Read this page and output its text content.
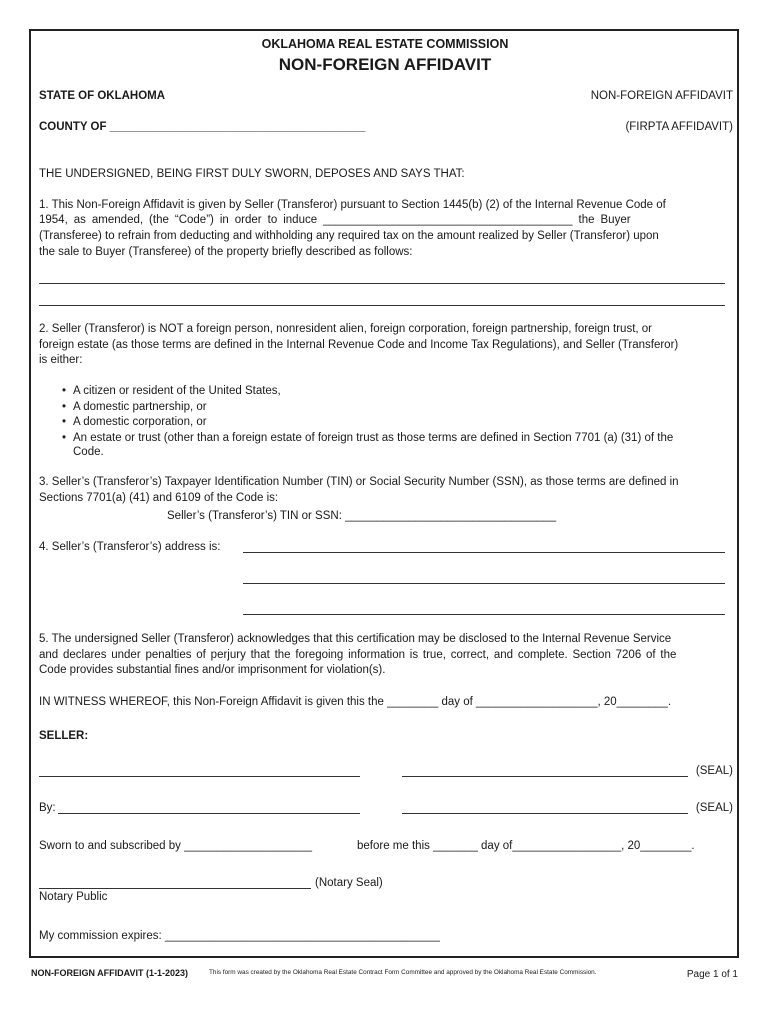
OKLAHOMA REAL ESTATE COMMISSION
NON-FOREIGN AFFIDAVIT
STATE OF OKLAHOMA	NON-FOREIGN AFFIDAVIT
COUNTY OF ________________________________________	(FIRPTA AFFIDAVIT)
THE UNDERSIGNED, BEING FIRST DULY SWORN, DEPOSES AND SAYS THAT:
1. This Non-Foreign Affidavit is given by Seller (Transferor) pursuant to Section 1445(b) (2) of the Internal Revenue Code of
1954, as amended, (the “Code”) in order to induce _______________________________________ the Buyer
(Transferee) to refrain from deducting and withholding any required tax on the amount realized by Seller (Transferor) upon
the sale to Buyer (Transferee) of the property briefly described as follows:
2. Seller (Transferor) is NOT a foreign person, nonresident alien, foreign corporation, foreign partnership, foreign trust, or
foreign estate (as those terms are defined in the Internal Revenue Code and Income Tax Regulations), and Seller (Transferor)
is either:
• A citizen or resident of the United States,
• A domestic partnership, or
• A domestic corporation, or
• An estate or trust (other than a foreign estate of foreign trust as those terms are defined in Section 7701 (a) (31) of the
Code.
3. Seller’s (Transferor’s) Taxpayer Identification Number (TIN) or Social Security Number (SSN), as those terms are defined in
Sections 7701(a) (41) and 6109 of the Code is:
Seller’s (Transferor’s) TIN or SSN: _________________________________
4. Seller’s (Transferor’s) address is:
5. The undersigned Seller (Transferor) acknowledges that this certification may be disclosed to the Internal Revenue Service
and declares under penalties of perjury that the foregoing information is true, correct, and complete. Section 7206 of the
Code provides substantial fines and/or imprisonment for violation(s).
IN WITNESS WHEREOF, this Non-Foreign Affidavit is given this the ________ day of ___________________, 20________.
SELLER:
(SEAL)
By:	(SEAL)
Sworn to and subscribed by ____________________	before me this _______ day of_________________, 20________.
(Notary Seal)
Notary Public
My commission expires: ___________________________________________
NON-FOREIGN AFFIDAVIT (1-1-2023)	This form was created by the Oklahoma Real Estate Contract Form Committee and approved by the Oklahoma Real Estate Commission.	Page 1 of 1
